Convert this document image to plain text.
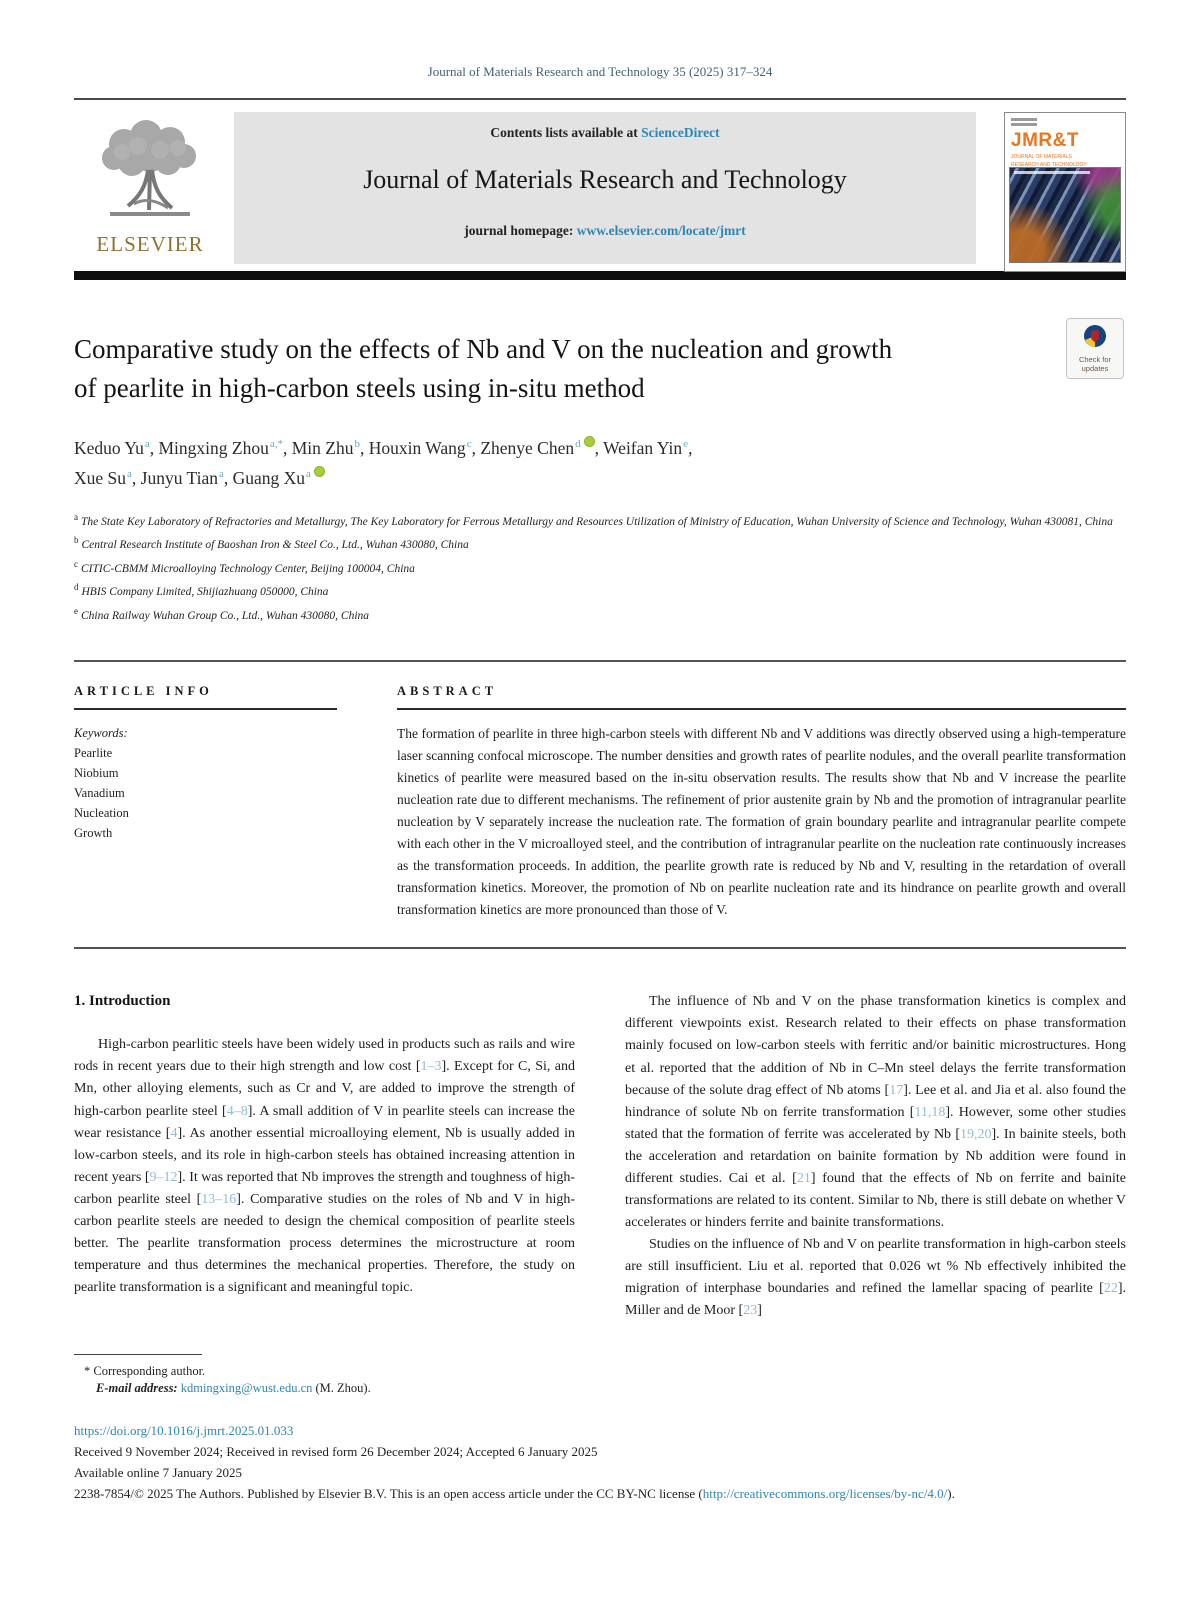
Journal of Materials Research and Technology 35 (2025) 317–324
ELSEVIER
Contents lists available at ScienceDirect
Journal of Materials Research and Technology
journal homepage: www.elsevier.com/locate/jmrt
JMR&T
JOURNAL OF MATERIALS RESEARCH AND TECHNOLOGY
Comparative study on the effects of Nb and V on the nucleation and growth
of pearlite in high-carbon steels using in-situ method
Check for updates
Keduo Yu$^a$, Mingxing Zhou$^{a,*}$, Min Zhu$^b$, Houxin Wang$^c$, Zhenye Chen$^d$ , Weifan Yin$^e$,
Xue Su$^a$, Junyu Tian$^a$, Guang Xu$^a$
$^a$ The State Key Laboratory of Refractories and Metallurgy, The Key Laboratory for Ferrous Metallurgy and Resources Utilization of Ministry of Education, Wuhan University of Science and Technology, Wuhan 430081, China
$^b$ Central Research Institute of Baoshan Iron & Steel Co., Ltd., Wuhan 430080, China
$^c$ CITIC-CBMM Microalloying Technology Center, Beijing 100004, China
$^d$ HBIS Company Limited, Shijiazhuang 050000, China
$^e$ China Railway Wuhan Group Co., Ltd., Wuhan 430080, China
ARTICLE INFO
Keywords:
Pearlite
Niobium
Vanadium
Nucleation
Growth
ABSTRACT
The formation of pearlite in three high-carbon steels with different Nb and V additions was directly observed using a high-temperature laser scanning confocal microscope. The number densities and growth rates of pearlite nodules, and the overall pearlite transformation kinetics of pearlite were measured based on the in-situ observation results. The results show that Nb and V increase the pearlite nucleation rate due to different mechanisms. The refinement of prior austenite grain by Nb and the promotion of intragranular pearlite nucleation by V separately increase the nucleation rate. The formation of grain boundary pearlite and intragranular pearlite compete with each other in the V microalloyed steel, and the contribution of intragranular pearlite on the nucleation rate continuously increases as the transformation proceeds. In addition, the pearlite growth rate is reduced by Nb and V, resulting in the retardation of overall transformation kinetics. Moreover, the promotion of Nb on pearlite nucleation rate and its hindrance on pearlite growth and overall transformation kinetics are more pronounced than those of V.
1. Introduction

High-carbon pearlitic steels have been widely used in products such as rails and wire rods in recent years due to their high strength and low cost [1–3]. Except for C, Si, and Mn, other alloying elements, such as Cr and V, are added to improve the strength of high-carbon pearlite steel [4–8]. A small addition of V in pearlite steels can increase the wear resistance [4]. As another essential microalloying element, Nb is usually added in low-carbon steels, and its role in high-carbon steels has obtained increasing attention in recent years [9–12]. It was reported that Nb improves the strength and toughness of high-carbon pearlite steel [13–16]. Comparative studies on the roles of Nb and V in high-carbon pearlite steels are needed to design the chemical composition of pearlite steels better. The pearlite transformation process determines the microstructure at room temperature and thus determines the mechanical properties. Therefore, the study on pearlite transformation is a significant and meaningful topic.

The influence of Nb and V on the phase transformation kinetics is complex and different viewpoints exist. Research related to their effects on phase transformation mainly focused on low-carbon steels with ferritic and/or bainitic microstructures. Hong et al. reported that the addition of Nb in C–Mn steel delays the ferrite transformation because of the solute drag effect of Nb atoms [17]. Lee et al. and Jia et al. also found the hindrance of solute Nb on ferrite transformation [11,18]. However, some other studies stated that the formation of ferrite was accelerated by Nb [19,20]. In bainite steels, both the acceleration and retardation on bainite formation by Nb addition were found in different studies. Cai et al. [21] found that the effects of Nb on ferrite and bainite transformations are related to its content. Similar to Nb, there is still debate on whether V accelerates or hinders ferrite and bainite transformations.

Studies on the influence of Nb and V on pearlite transformation in high-carbon steels are still insufficient. Liu et al. reported that 0.026 wt % Nb effectively inhibited the migration of interphase boundaries and refined the lamellar spacing of pearlite [22]. Miller and de Moor [23]

* Corresponding author.
E-mail address: kdmingxing@wust.edu.cn (M. Zhou).
https://doi.org/10.1016/j.jmrt.2025.01.033
Received 9 November 2024; Received in revised form 26 December 2024; Accepted 6 January 2025
Available online 7 January 2025
2238-7854/© 2025 The Authors. Published by Elsevier B.V. This is an open access article under the CC BY-NC license (http://creativecommons.org/licenses/by-nc/4.0/).
